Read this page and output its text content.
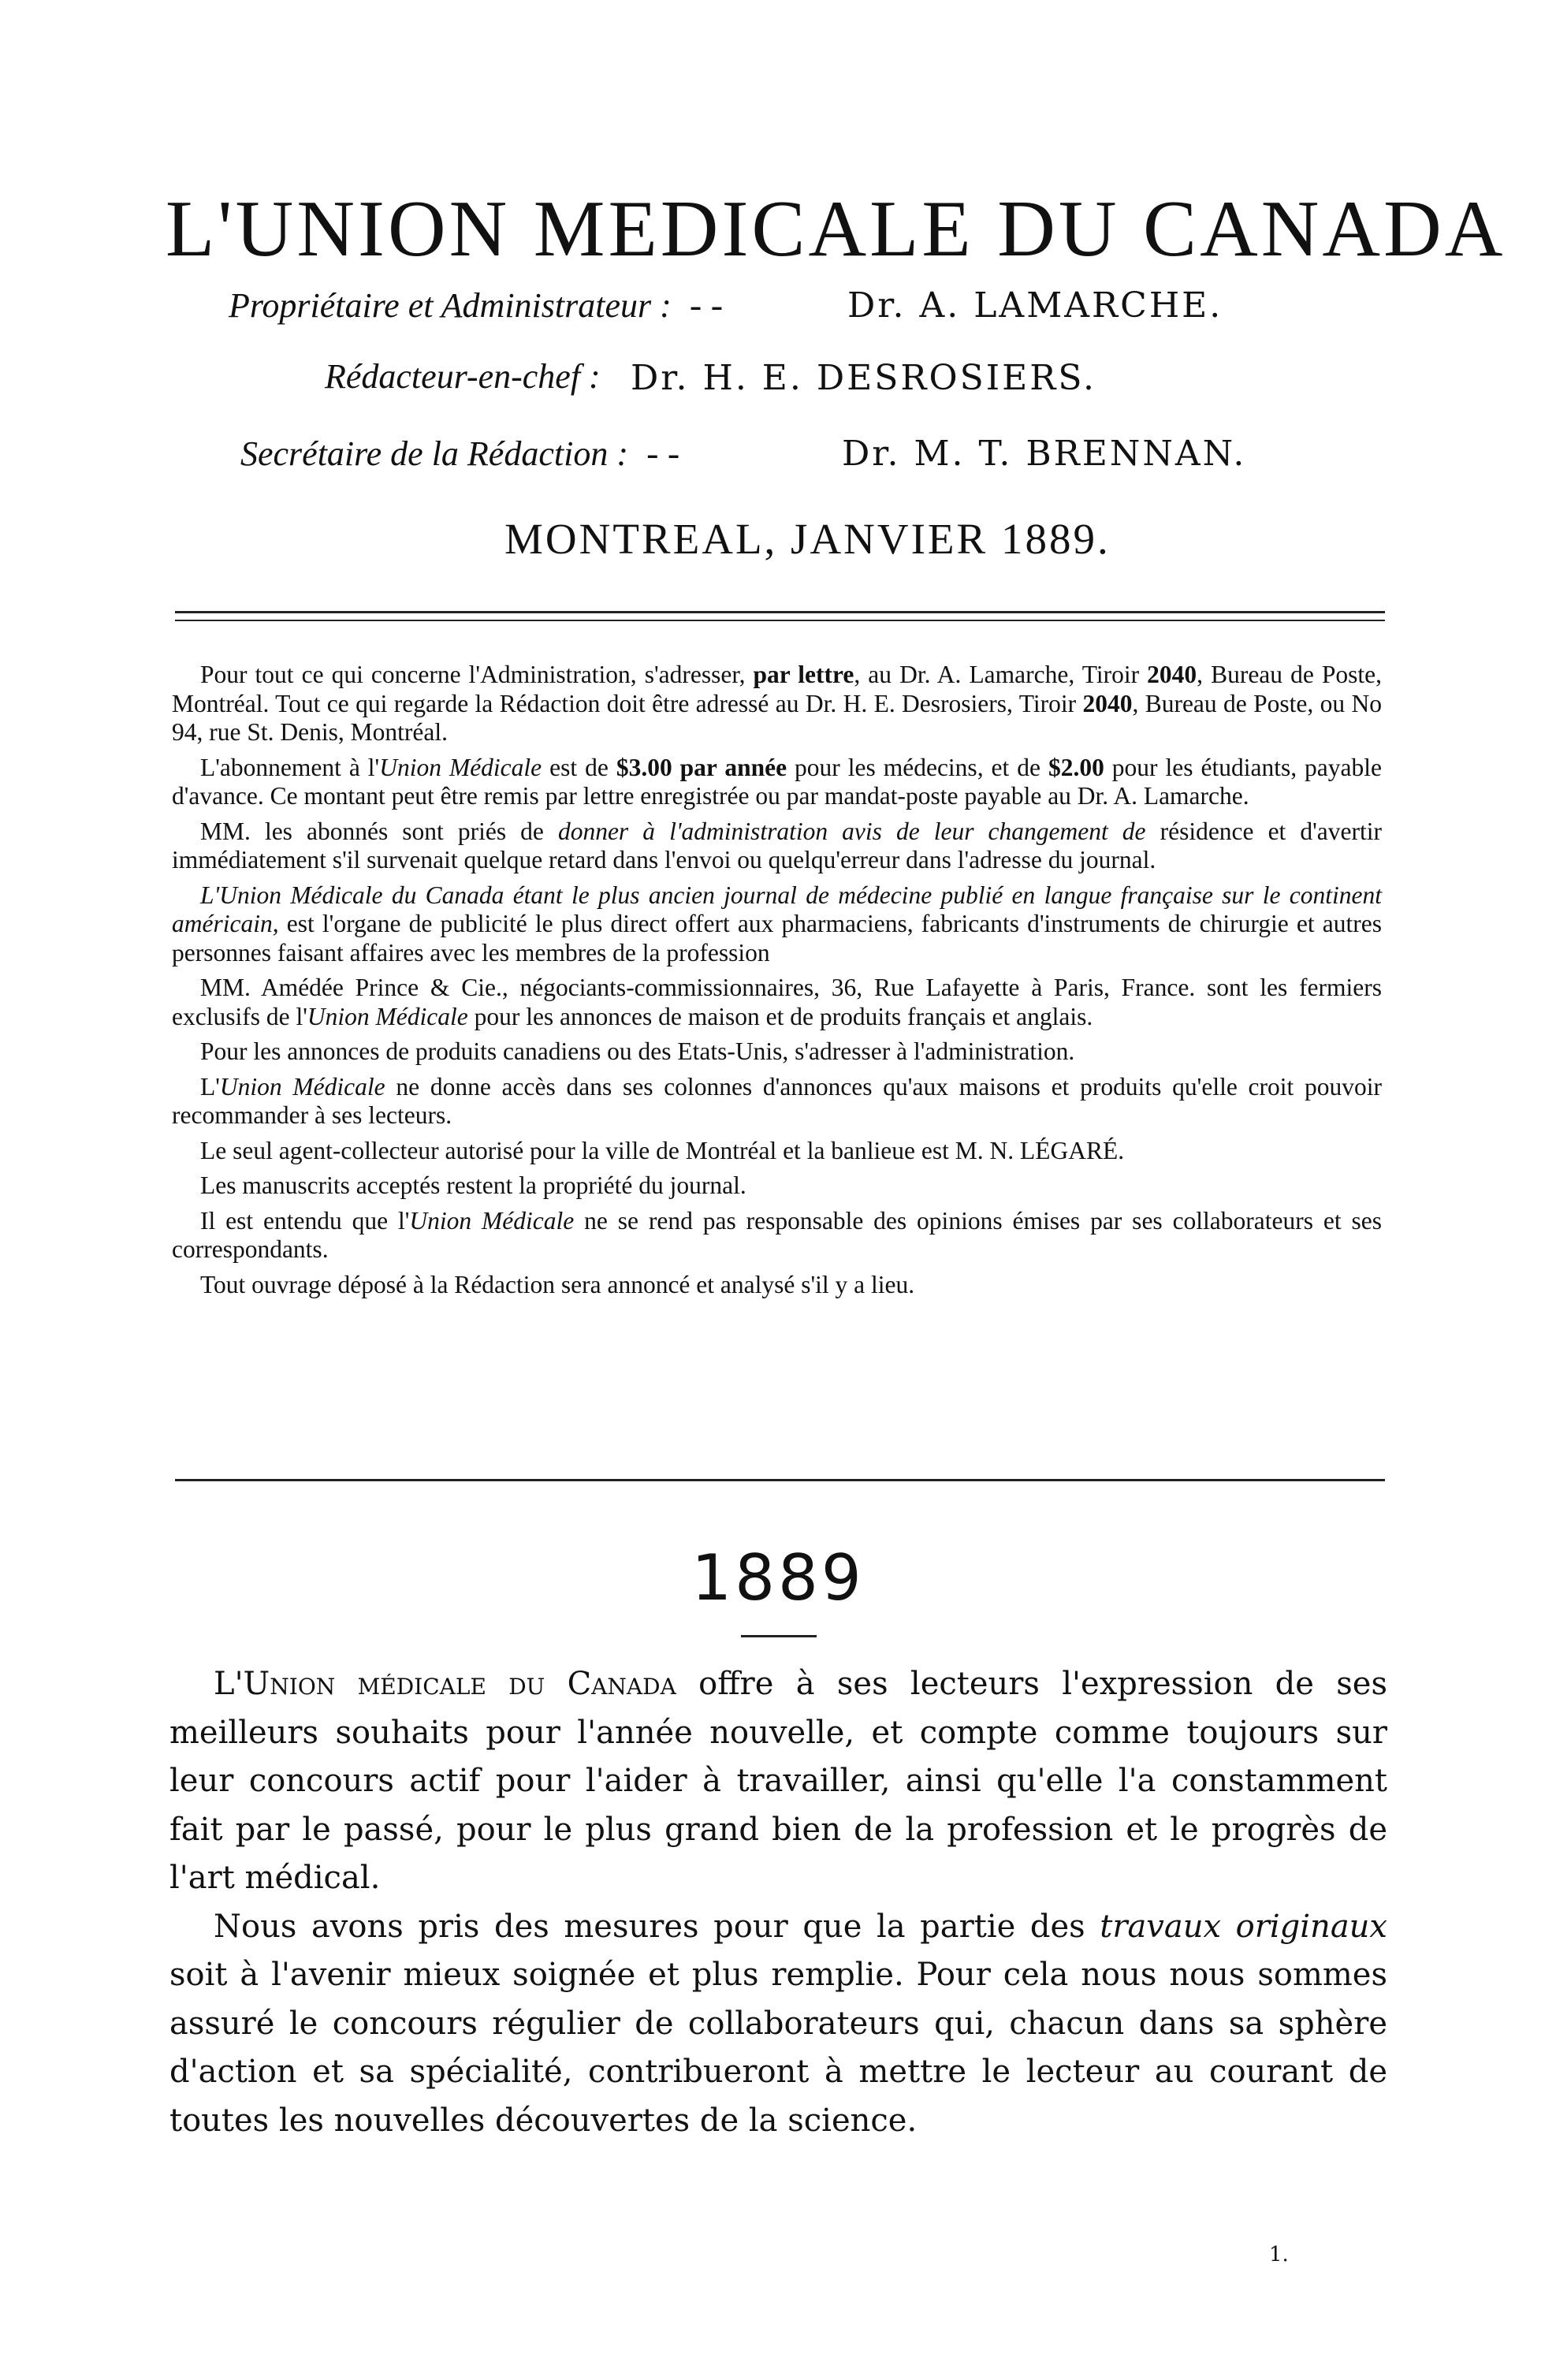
L'UNION MEDICALE DU CANADA
Propriétaire et Administrateur : - -	Dr. A. LAMARCHE.
Rédacteur-en-chef : Dr. H. E. DESROSIERS.
Secrétaire de la Rédaction : - -	Dr. M. T. BRENNAN.
MONTREAL, JANVIER 1889.

Pour tout ce qui concerne l'Administration, s'adresser, par lettre, au Dr. A. Lamarche, Tiroir 2040, Bureau de Poste, Montréal. Tout ce qui regarde la Rédaction doit être adressé au Dr. H. E. Desrosiers, Tiroir 2040, Bureau de Poste, ou No 94, rue St. Denis, Montréal.

L'abonnement à l'Union Médicale est de $3.00 par année pour les médecins, et de $2.00 pour les étudiants, payable d'avance. Ce montant peut être remis par lettre enregistrée ou par mandat-poste payable au Dr. A. Lamarche.

MM. les abonnés sont priés de donner à l'administration avis de leur changement de résidence et d'avertir immédiatement s'il survenait quelque retard dans l'envoi ou quelqu'erreur dans l'adresse du journal.

L'Union Médicale du Canada étant le plus ancien journal de médecine publié en langue française sur le continent américain, est l'organe de publicité le plus direct offert aux pharmaciens, fabricants d'instruments de chirurgie et autres personnes faisant affaires avec les membres de la profession

MM. Amédée Prince & Cie., négociants-commissionnaires, 36, Rue Lafayette à Paris, France. sont les fermiers exclusifs de l'Union Médicale pour les annonces de maison et de produits français et anglais.

Pour les annonces de produits canadiens ou des Etats-Unis, s'adresser à l'administration.

L'Union Médicale ne donne accès dans ses colonnes d'annonces qu'aux maisons et produits qu'elle croit pouvoir recommander à ses lecteurs.

Le seul agent-collecteur autorisé pour la ville de Montréal et la banlieue est M. N. LÉGARÉ.

Les manuscrits acceptés restent la propriété du journal.

Il est entendu que l'Union Médicale ne se rend pas responsable des opinions émises par ses collaborateurs et ses correspondants.

Tout ouvrage déposé à la Rédaction sera annoncé et analysé s'il y a lieu.

1889

L'Union médicale du Canada offre à ses lecteurs l'expression de ses meilleurs souhaits pour l'année nouvelle, et compte comme toujours sur leur concours actif pour l'aider à travailler, ainsi qu'elle l'a constamment fait par le passé, pour le plus grand bien de la profession et le progrès de l'art médical.

Nous avons pris des mesures pour que la partie des travaux originaux soit à l'avenir mieux soignée et plus remplie. Pour cela nous nous sommes assuré le concours régulier de collaborateurs qui, chacun dans sa sphère d'action et sa spécialité, contribueront à mettre le lecteur au courant de toutes les nouvelles découvertes de la science.

1.
